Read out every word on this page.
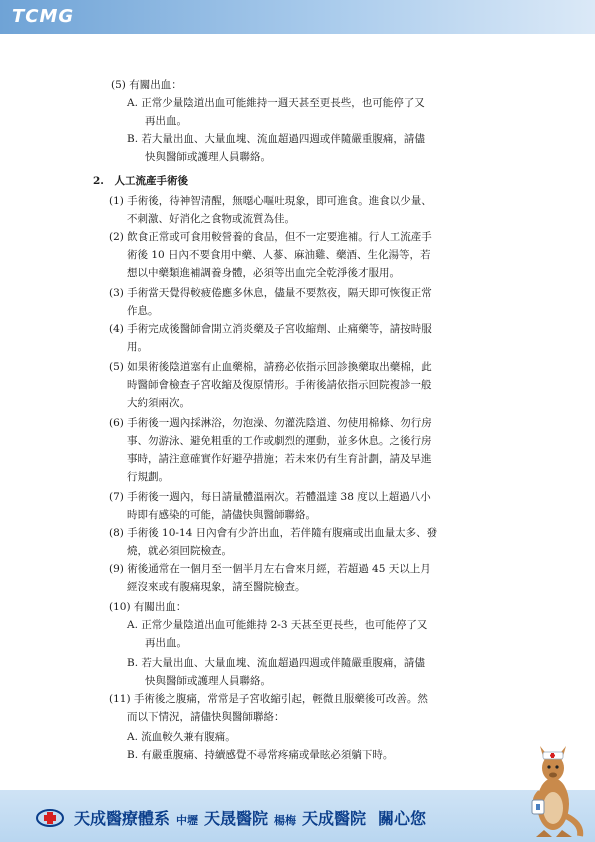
TCMG
(5) 有關出血：
A. 正常少量陰道出血可能維持一週天甚至更長些，也可能停了又
再出血。
B. 若大量出血、大量血塊、流血超過四週或伴隨嚴重腹痛，請儘
快與醫師或護理人員聯絡。
2.　人工流產手術後
(1) 手術後，待神智清醒，無噁心嘔吐現象，即可進食。進食以少量、
不刺激、好消化之食物或流質為佳。
(2) 飲食正常或可食用較營養的食品，但不一定要進補。行人工流產手
術後 10 日內不要食用中藥、人蔘、麻油雞、藥酒、生化湯等，若
想以中藥類進補調養身體，必須等出血完全乾淨後才服用。
(3) 手術當天覺得較疲倦應多休息，儘量不要熬夜，隔天即可恢復正常
作息。
(4) 手術完成後醫師會開立消炎藥及子宮收縮劑、止痛藥等，請按時服
用。
(5) 如果術後陰道塞有止血藥棉，請務必依指示回診換藥取出藥棉，此
時醫師會檢查子宮收縮及復原情形。手術後請依指示回院複診一般
大約須兩次。
(6) 手術後一週內採淋浴，勿泡澡、勿灌洗陰道、勿使用棉條、勿行房
事、勿游泳、避免粗重的工作或劇烈的運動，並多休息。之後行房
事時，請注意確實作好避孕措施；若未來仍有生育計劃，請及早進
行規劃。
(7) 手術後一週內，每日請量體溫兩次。若體溫達 38 度以上超過八小
時即有感染的可能，請儘快與醫師聯絡。
(8) 手術後 10-14 日內會有少許出血，若伴隨有腹痛或出血量太多、發
燒，就必須回院檢查。
(9) 術後通常在一個月至一個半月左右會來月經，若超過 45 天以上月
經沒來或有腹痛現象，請至醫院檢查。
(10) 有關出血：
A. 正常少量陰道出血可能維持 2-3 天甚至更長些，也可能停了又
再出血。
B. 若大量出血、大量血塊、流血超過四週或伴隨嚴重腹痛，請儘
快與醫師或護理人員聯絡。
(11) 手術後之腹痛，常常是子宮收縮引起，輕微且服藥後可改善。然
而以下情況，請儘快與醫師聯絡：
A. 流血較久兼有腹痛。
B. 有嚴重腹痛、持續感覺不尋常疼痛或暈眩必須躺下時。
天成醫療體系 中壢 天晟醫院 楊梅 天成醫院 關心您
